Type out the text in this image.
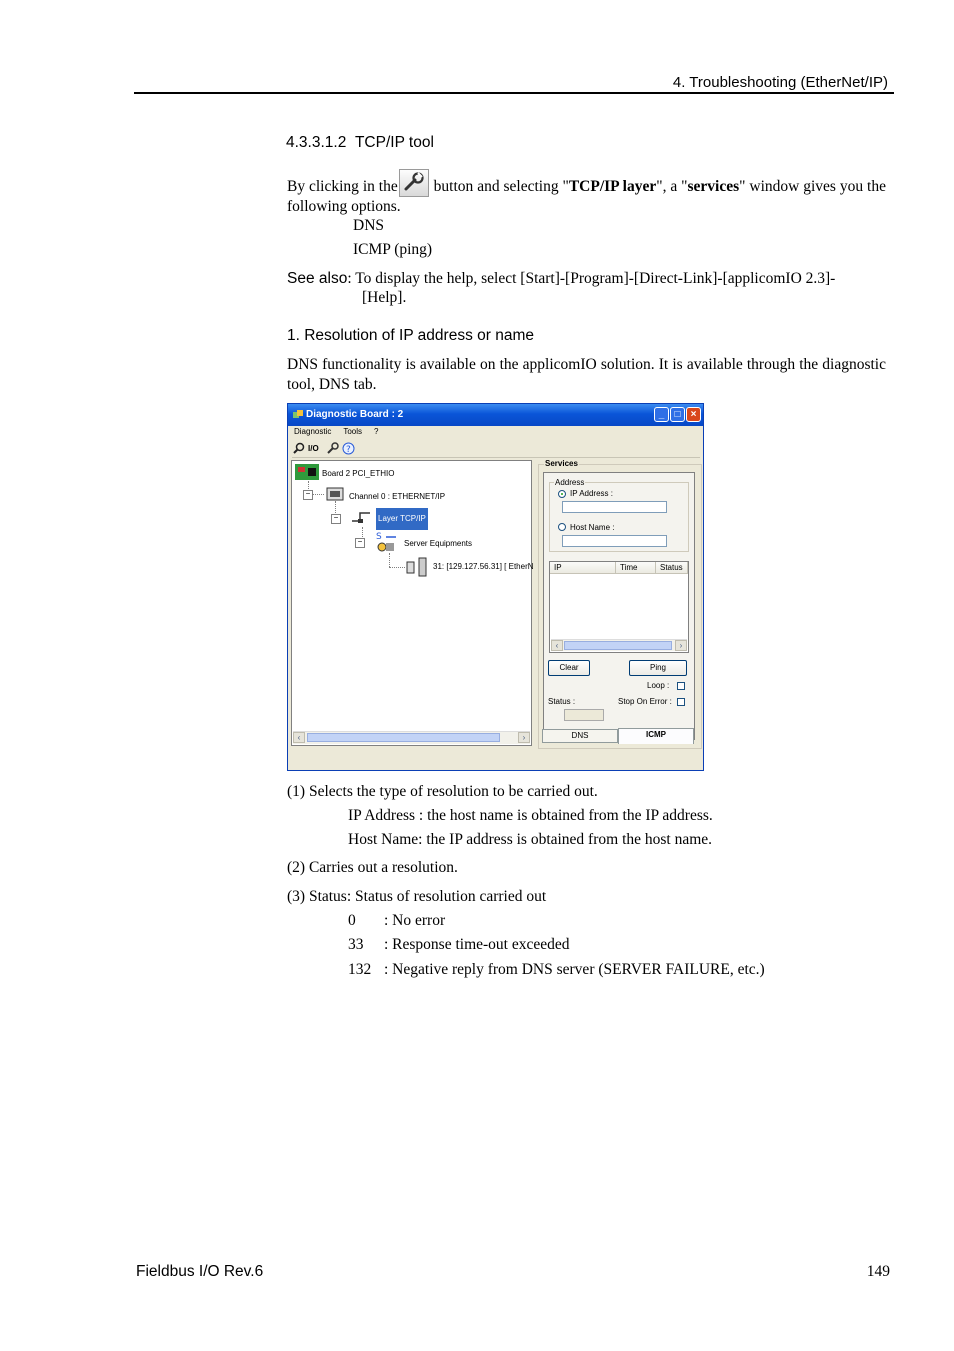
4. Troubleshooting (EtherNet/IP)
4.3.3.1.2 TCP/IP tool
By clicking in the
button and selecting "TCP/IP layer", a "services" window gives you the following options.
DNS
ICMP (ping)
See also: To display the help, select [Start]-[Program]-[Direct-Link]-[applicomIO 2.3]-
[Help].
1. Resolution of IP address or name
DNS functionality is available on the applicomIO solution. It is available through the diagnostic tool, DNS tab.
Diagnostic Board : 2	_	□	×
Diagnostic Tools ?
I/O	?
Board 2 PCI_ETHIO
−	Channel 0 : ETHERNET/IP
−	Layer TCP/IP
− S
Server Equipments
31: [129.127.56.31] [ EtherN
‹	›
Services
Address
IP Address :
Host Name :
IP	Time	Status
‹	›
Clear	Ping
Loop :
Status :	Stop On Error :
DNS	ICMP
(1) Selects the type of resolution to be carried out.
IP Address : the host name is obtained from the IP address.
Host Name: the IP address is obtained from the host name.
(2) Carries out a resolution.
(3) Status: Status of resolution carried out
0 : No error
33 : Response time-out exceeded
132 : Negative reply from DNS server (SERVER FAILURE, etc.)
Fieldbus I/O Rev.6	149
